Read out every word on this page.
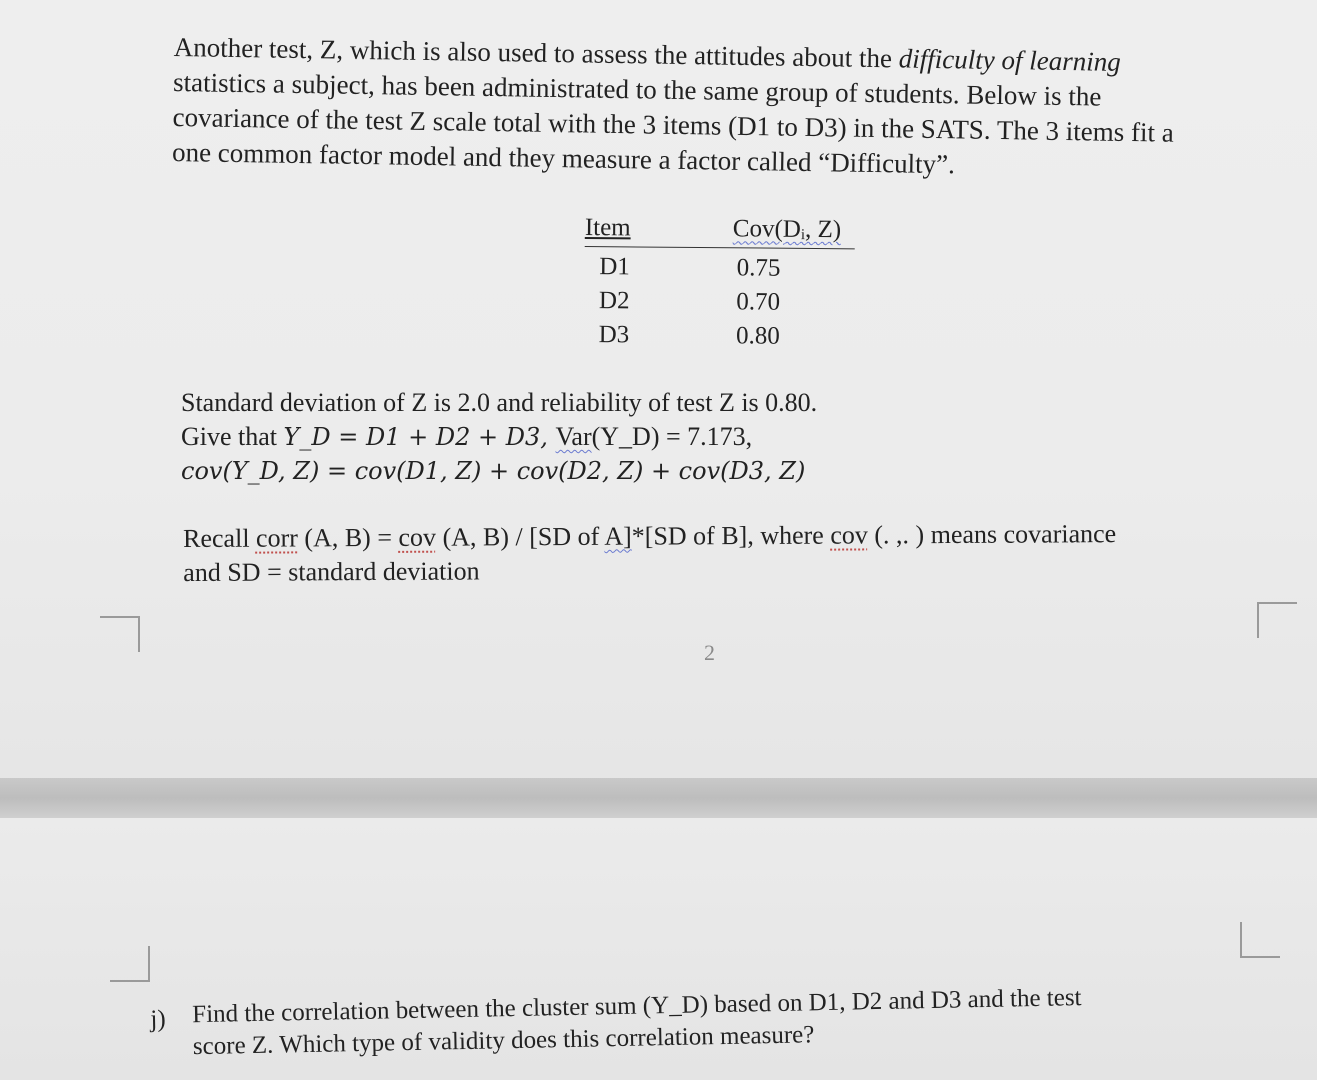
Another test, Z, which is also used to assess the attitudes about the difficulty of learning
statistics a subject, has been administrated to the same group of students. Below is the
covariance of the test Z scale total with the 3 items (D1 to D3) in the SATS. The 3 items fit a
one common factor model and they measure a factor called “Difficulty”.
Item	Cov(Dᵢ, Z)
D1	0.75
D2	0.70
D3	0.80
Standard deviation of Z is 2.0 and reliability of test Z is 0.80.
Give that Y_D = D1 + D2 + D3, Var(Y_D) = 7.173,
cov(Y_D, Z) = cov(D1, Z) + cov(D2, Z) + cov(D3, Z)
Recall corr (A, B) = cov (A, B) / [SD of A]*[SD of B], where cov (. ,. ) means covariance
and SD = standard deviation
2
j) Find the correlation between the cluster sum (Y_D) based on D1, D2 and D3 and the test
score Z. Which type of validity does this correlation measure?
